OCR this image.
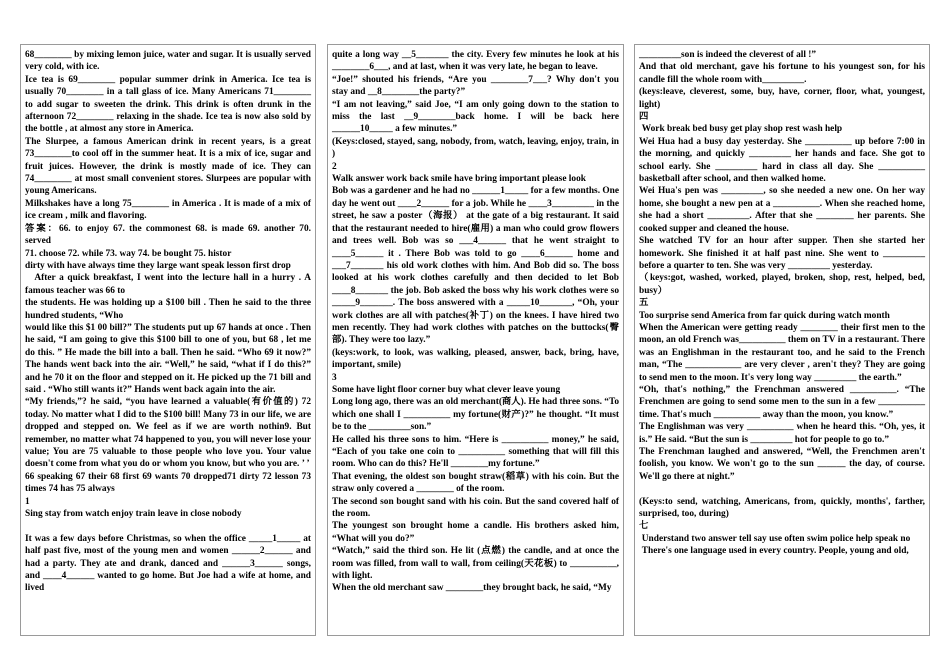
68________ by mixing lemon juice, water and sugar. It is usually served very cold, with ice.

Ice tea is 69________ popular summer drink in America. Ice tea is usually 70________ in a tall glass of ice. Many Americans 71________ to add sugar to sweeten the drink. This drink is often drunk in the afternoon 72________ relaxing in the shade. Ice tea is now also sold by the bottle , at almost any store in America.

The Slurpee, a famous American drink in recent years, is a great 73________to cool off in the summer heat. It is a mix of ice, sugar and fruit juices. However, the drink is mostly made of ice. They can 74________ at most small convenient stores. Slurpees are popular with young Americans.

Milkshakes have a long 75________ in America . It is made of a mix of ice cream , milk and flavoring.

答案：66. to enjoy 67. the commonest 68. is made 69. another 70. served

71. choose 72. while 73. way 74. be bought 75. histor

dirty with have always time they large want speak lesson first drop

After a quick breakfast, I went into the lecture hall in a hurry . A famous teacher was 66 to

the students. He was holding up a $100 bill . Then he said to the three hundred students, “Who

would like this $1 00 bill?” The students put up 67 hands at once . Then he said, “I am going to give this $100 bill to one of you, but 68 , let me do this. ” He made the bill into a ball. Then he said. “Who 69 it now?” The hands went back into the air. “Well,” he said, “what if I do this?” and he 70 it on the floor and stepped on it. He picked up the 71 bill and said . “Who still wants it?” Hands went back again into the air.

“My friends,”? he said, “you have learned a valuable(有价值的) 72 today. No matter what I did to the $100 bill! Many 73 in our life, we are dropped and stepped on. We feel as if we are worth nothin9. But remember, no matter what 74 happened to you, you will never lose your value; You are 75 valuable to those people who love you. Your value doesn't come from what you do or whom you know, but who you are. ’ ’

66 speaking 67 their 68 first 69 wants 70 dropped71 dirty 72 lesson 73 times 74 has 75 always

1

Sing stay from watch enjoy train leave in close nobody

It was a few days before Christmas, so when the office _____1_____ at half past five, most of the young men and women ______2______ and had a party. They ate and drank, danced and ______3______ songs, and ____4______ wanted to go home. But Joe had a wife at home, and lived

quite a long way __5_______ the city. Every few minutes he look at his ________6___, and at last, when it was very late, he began to leave.

“Joe!” shouted his friends, “Are you ________7___? Why don't you stay and __8________the party?”

“I am not leaving,” said Joe, “I am only going down to the station to miss the last __9________back home. I will be back here ______10_____ a few minutes.”

(Keys:closed, stayed, sang, nobody, from, watch, leaving, enjoy, train, in )

2

Walk answer work back smile have bring important please look

Bob was a gardener and he had no ______1_____ for a few months. One day he went out ____2______ for a job. While he ____3_________ in the street, he saw a poster（海报） at the gate of a big restaurant. It said that the restaurant needed to hire(雇用) a man who could grow flowers and trees well. Bob was so ___4______ that he went straight to ____5______ it . There Bob was told to go ____6______ home and ___7_______ his old work clothes with him. And Bob did so. The boss looked at his work clothes carefully and then decided to let Bob ____8_______ the job. Bob asked the boss why his work clothes were so _____9_______. The boss answered with a _____10_______, “Oh, your work clothes are all with patches(补丁) on the knees. I have hired two men recently. They had work clothes with patches on the buttocks(臀部). They were too lazy.”

(keys:work, to look, was walking, pleased, answer, back, bring, have, important, smile)

3

Some have light floor corner buy what clever leave young

Long long ago, there was an old merchant(商人). He had three sons. “To which one shall I __________ my fortune(财产)?” he thought. “It must be to the _________son.”

He called his three sons to him. “Here is __________ money,” he said, “Each of you take one coin to __________ something that will fill this room. Who can do this? He'll ________my fortune.”

That evening, the oldest son bought straw(稻草) with his coin. But the straw only covered a ________ of the room.

The second son bought sand with his coin. But the sand covered half of the room.

The youngest son brought home a candle. His brothers asked him, “What will you do?”

“Watch,” said the third son. He lit (点燃) the candle, and at once the room was filled, from wall to wall, from ceiling(天花板) to __________, with light.

When the old merchant saw ________they brought back, he said, “My

_________son is indeed the cleverest of all !”

And that old merchant, gave his fortune to his youngest son, for his candle fill the whole room with_________.

(keys:leave, cleverest, some, buy, have, corner, floor, what, youngest, light)

四

Work break bed busy get play shop rest wash help

Wei Hua had a busy day yesterday. She __________ up before 7:00 in the morning, and quickly _________ her hands and face. She got to school early. She _________ hard in class all day. She __________ basketball after school, and then walked home.

Wei Hua's pen was _________, so she needed a new one. On her way home, she bought a new pen at a __________. When she reached home, she had a short _________. After that she ________ her parents. She cooked supper and cleaned the house.

She watched TV for an hour after supper. Then she started her homework. She finished it at half past nine. She went to _________ before a quarter to ten. She was very _________ yesterday.

（keys:got, washed, worked, played, broken, shop, rest, helped, bed, busy）

五

Too surprise send America from far quick during watch month

When the American were getting ready ________ their first men to the moon, an old French was__________ them on TV in a restaurant. There was an Englishman in the restaurant too, and he said to the French man, “The ____________ are very clever , aren't they? They are going to send men to the moon. It's very long way _________ the earth.”

“Oh, that's nothing,” the Frenchman answered __________. “The Frenchmen are going to send some men to the sun in a few __________ time. That's much __________ away than the moon, you know.”

The Englishman was very __________ when he heard this. “Oh, yes, it is.” He said. “But the sun is _________ hot for people to go to.”

The Frenchman laughed and answered, “Well, the Frenchmen aren't foolish, you know. We won't go to the sun ______ the day, of course. We'll go there at night.”

(Keys:to send, watching, Americans, from, quickly, months', farther, surprised, too, during)

七

Understand two answer tell say use often swim police help speak no

There's one language used in every country. People, young and old,
